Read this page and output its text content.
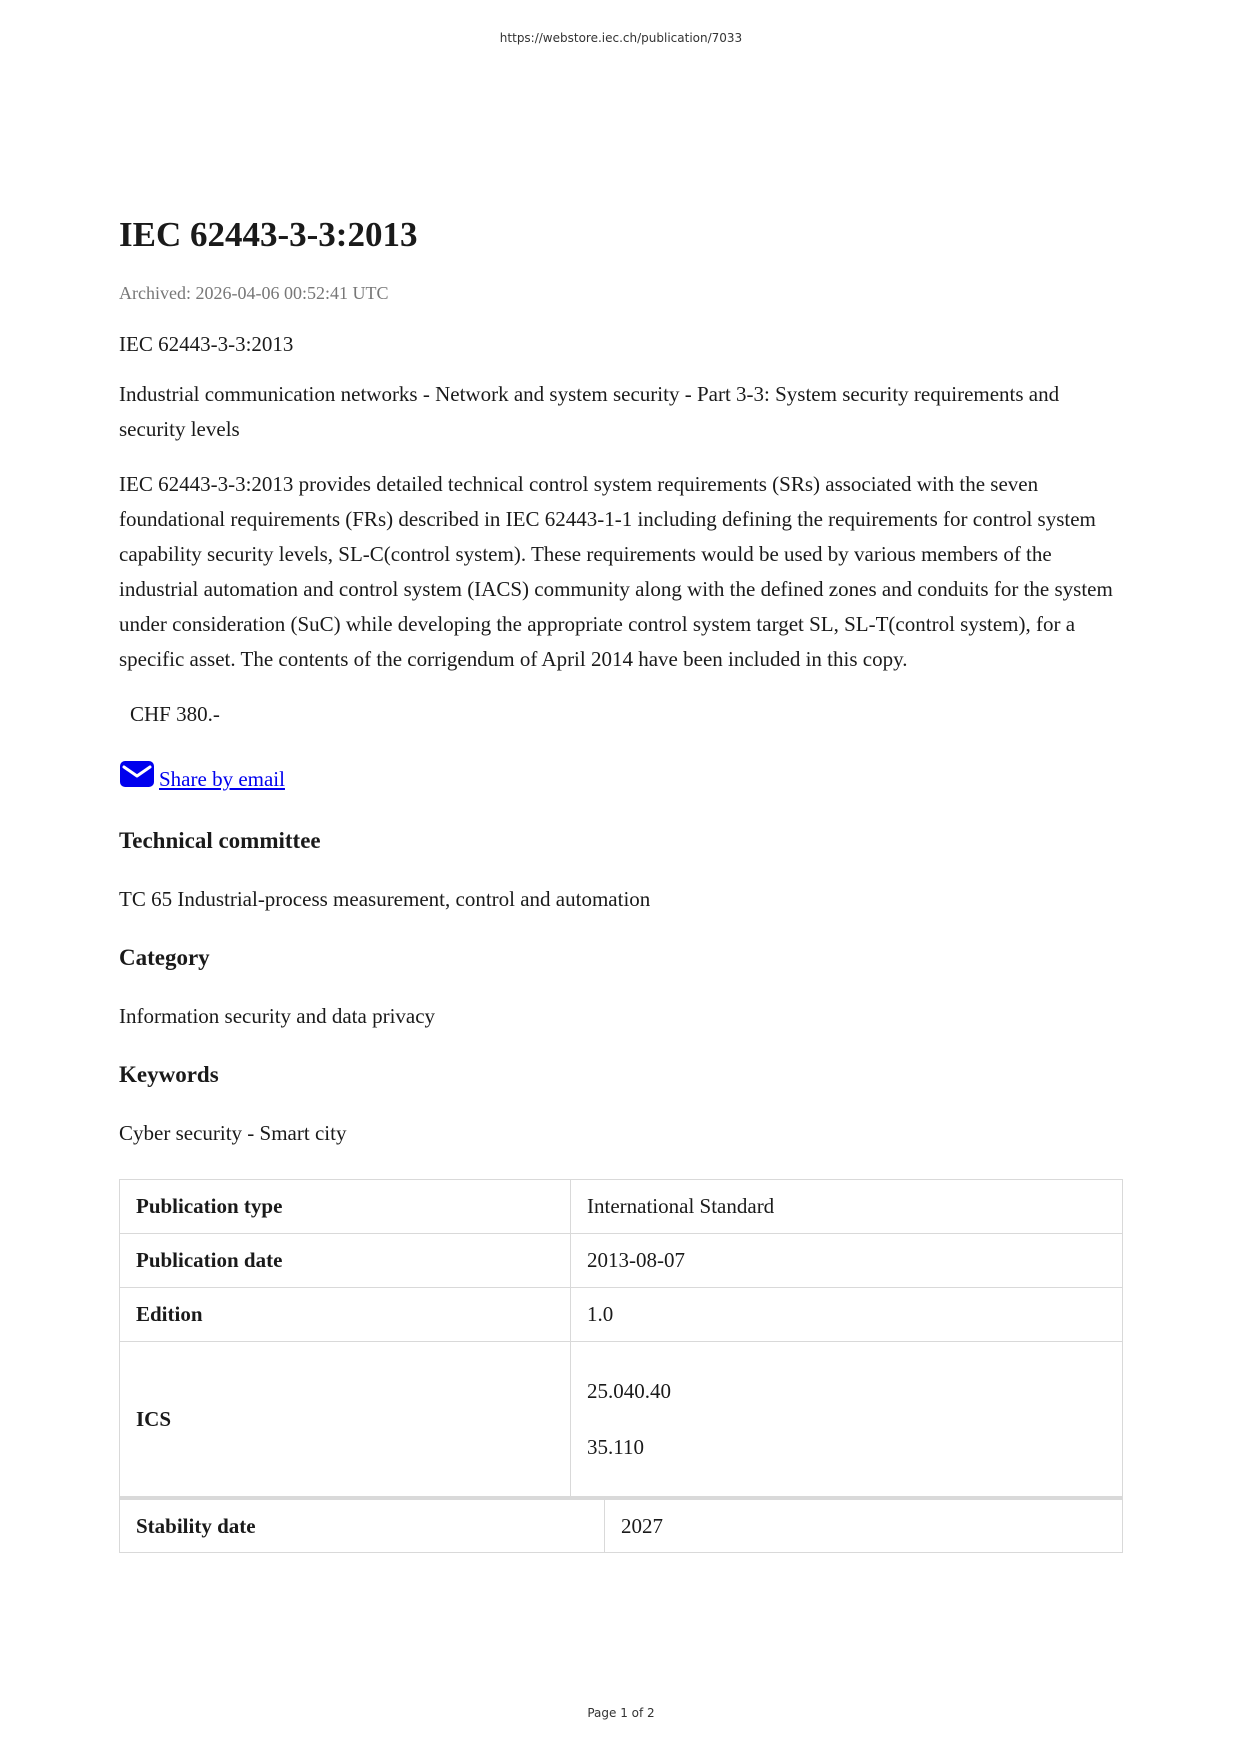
https://webstore.iec.ch/publication/7033
IEC 62443-3-3:2013
Archived: 2026-04-06 00:52:41 UTC

IEC 62443-3-3:2013

Industrial communication networks - Network and system security - Part 3-3: System security requirements and security levels

IEC 62443-3-3:2013 provides detailed technical control system requirements (SRs) associated with the seven foundational requirements (FRs) described in IEC 62443-1-1 including defining the requirements for control system capability security levels, SL-C(control system). These requirements would be used by various members of the industrial automation and control system (IACS) community along with the defined zones and conduits for the system under consideration (SuC) while developing the appropriate control system target SL, SL-T(control system), for a specific asset. The contents of the corrigendum of April 2014 have been included in this copy.

CHF 380.-

Share by email
Technical committee

TC 65 Industrial-process measurement, control and automation

Category

Information security and data privacy

Keywords

Cyber security - Smart city

Publication type	International Standard
Publication date	2013-08-07
Edition	1.0
ICS	25.040.40
35.110
Stability date	2027
Page 1 of 2
